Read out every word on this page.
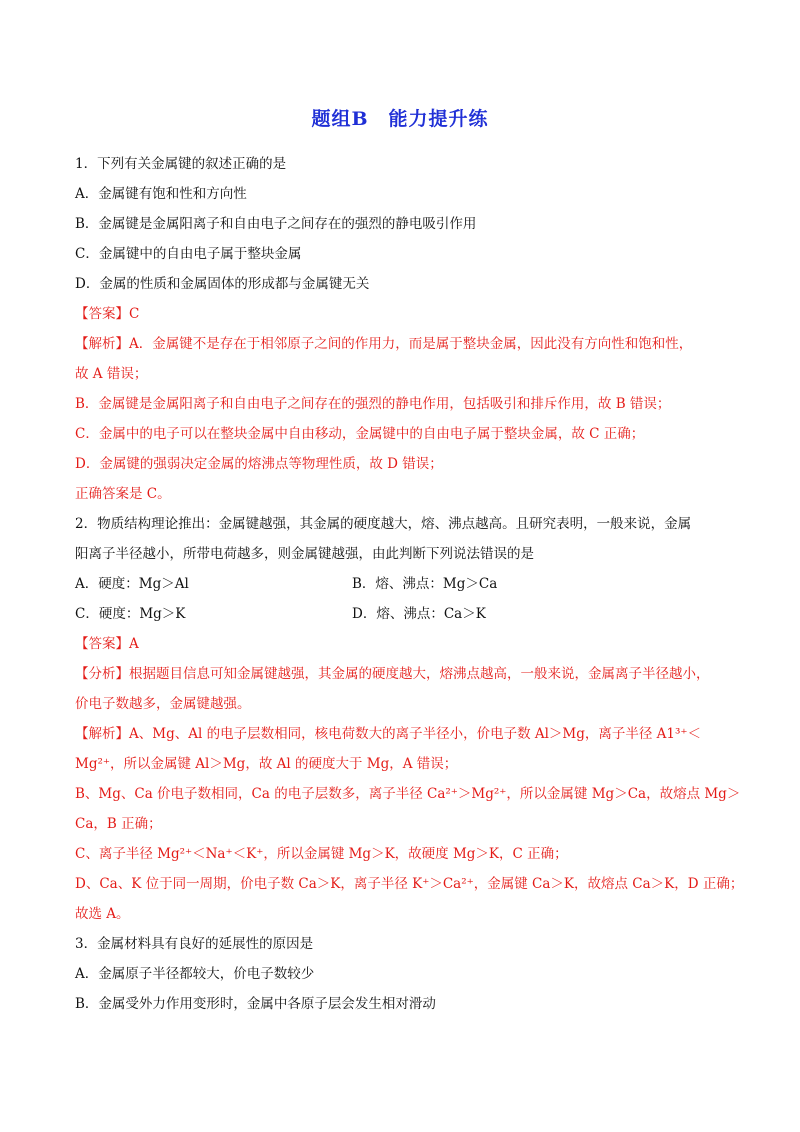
题组B　能力提升练
1．下列有关金属键的叙述正确的是
A．金属键有饱和性和方向性
B．金属键是金属阳离子和自由电子之间存在的强烈的静电吸引作用
C．金属键中的自由电子属于整块金属
D．金属的性质和金属固体的形成都与金属键无关
【答案】C
【解析】A．金属键不是存在于相邻原子之间的作用力，而是属于整块金属，因此没有方向性和饱和性，
故 A 错误；
B．金属键是金属阳离子和自由电子之间存在的强烈的静电作用，包括吸引和排斥作用，故 B 错误；
C．金属中的电子可以在整块金属中自由移动，金属键中的自由电子属于整块金属，故 C 正确；
D．金属键的强弱决定金属的熔沸点等物理性质，故 D 错误；
正确答案是 C。
2．物质结构理论推出：金属键越强，其金属的硬度越大，熔、沸点越高。且研究表明，一般来说，金属
阳离子半径越小，所带电荷越多，则金属键越强，由此判断下列说法错误的是
A．硬度：Mg＞Al	B．熔、沸点：Mg＞Ca
C．硬度：Mg＞K	D．熔、沸点：Ca＞K
【答案】A
【分析】根据题目信息可知金属键越强，其金属的硬度越大，熔沸点越高，一般来说，金属离子半径越小，
价电子数越多，金属键越强。
【解析】A、Mg、Al 的电子层数相同，核电荷数大的离子半径小，价电子数 Al＞Mg，离子半径 A1³⁺＜
Mg²⁺，所以金属键 Al＞Mg，故 Al 的硬度大于 Mg，A 错误；
B、Mg、Ca 价电子数相同，Ca 的电子层数多，离子半径 Ca²⁺＞Mg²⁺，所以金属键 Mg＞Ca，故熔点 Mg＞
Ca，B 正确；
C、离子半径 Mg²⁺＜Na⁺＜K⁺，所以金属键 Mg＞K，故硬度 Mg＞K，C 正确；
D、Ca、K 位于同一周期，价电子数 Ca＞K，离子半径 K⁺＞Ca²⁺，金属键 Ca＞K，故熔点 Ca＞K，D 正确；
故选 A。
3．金属材料具有良好的延展性的原因是
A．金属原子半径都较大，价电子数较少
B．金属受外力作用变形时，金属中各原子层会发生相对滑动
